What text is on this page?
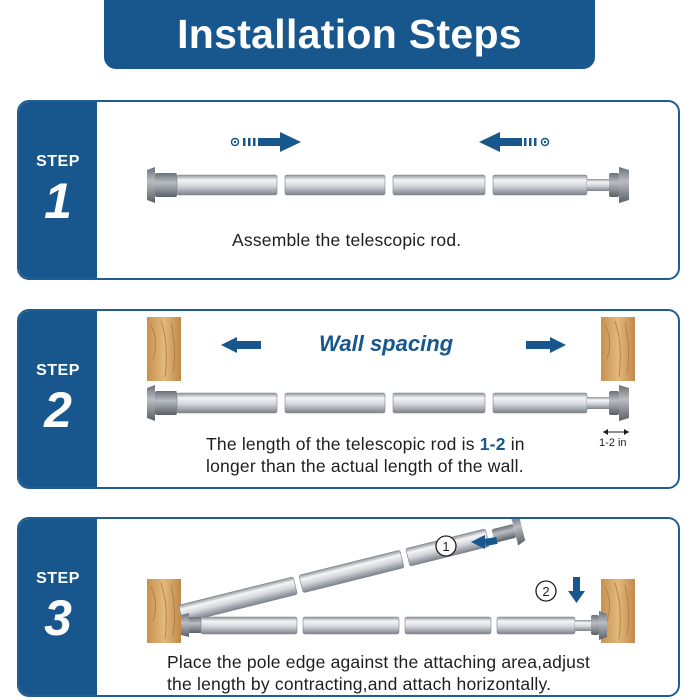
Installation Steps
STEP
1
Assemble the telescopic rod.
STEP
2
Wall spacing
1-2 in
The length of the telescopic rod is 1-2 in
longer than the actual length of the wall.
STEP
3
1
2
Place the pole edge against the attaching area,adjust
the length by contracting,and attach horizontally.
